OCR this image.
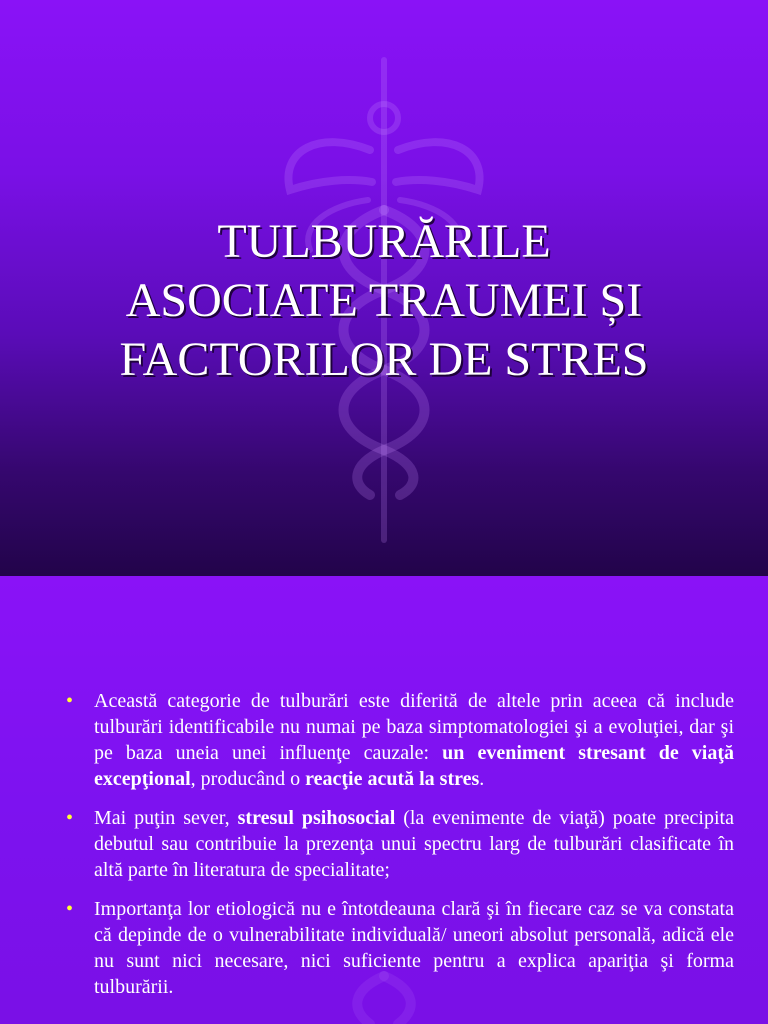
TULBURĂRILE
ASOCIATE TRAUMEI ȘI
FACTORILOR DE STRES
• Această categorie de tulburări este diferită de altele prin aceea că include tulburări identificabile nu numai pe baza simptomatologiei şi a evoluţiei, dar şi pe baza uneia unei influenţe cauzale: un eveniment stresant de viaţă excepţional, producând o reacţie acută la stres.
• Mai puţin sever, stresul psihosocial (la evenimente de viaţă) poate precipita debutul sau contribuie la prezenţa unui spectru larg de tulburări clasificate în altă parte în literatura de specialitate;
• Importanţa lor etiologică nu e întotdeauna clară şi în fiecare caz se va constata că depinde de o vulnerabilitate individuală/ uneori absolut personală, adică ele nu sunt nici necesare, nici suficiente pentru a explica apariţia şi forma tulburării.
